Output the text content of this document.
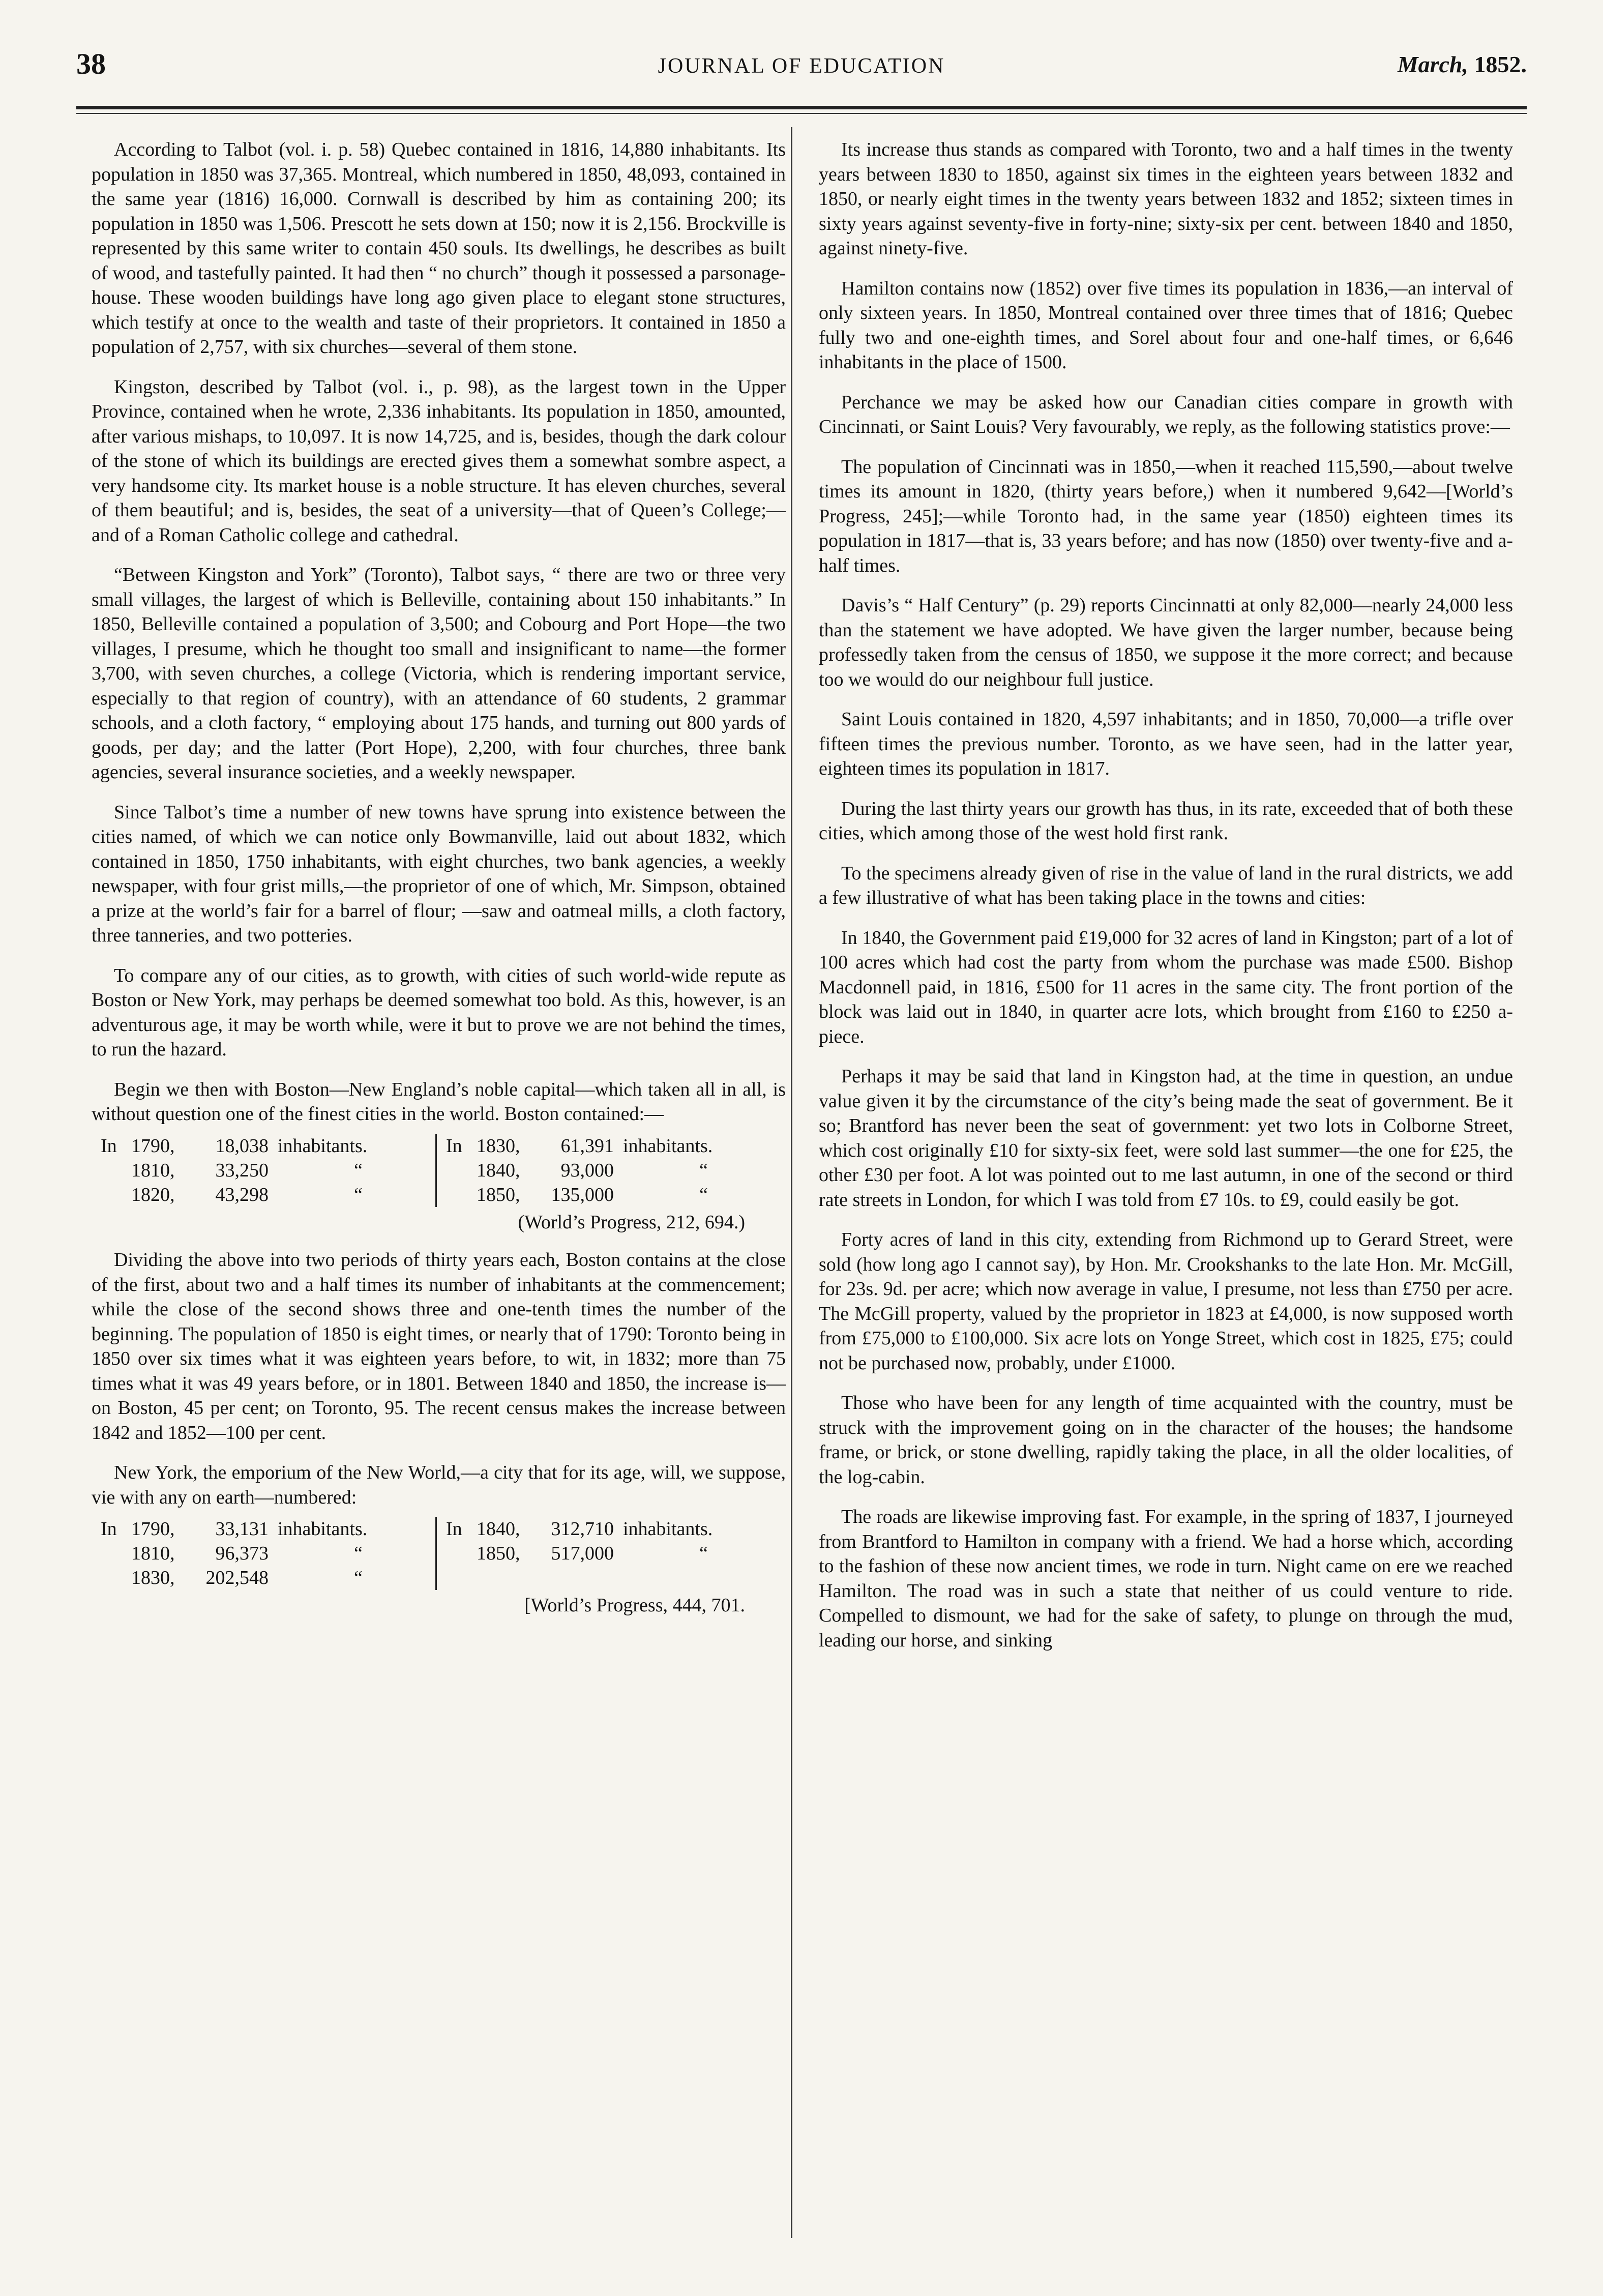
38	JOURNAL OF EDUCATION	March, 1852.

According to Talbot (vol. i. p. 58) Quebec contained in 1816, 14,880 inhabitants. Its population in 1850 was 37,365. Montreal, which numbered in 1850, 48,093, contained in the same year (1816) 16,000. Cornwall is described by him as containing 200; its population in 1850 was 1,506. Prescott he sets down at 150; now it is 2,156. Brockville is represented by this same writer to contain 450 souls. Its dwellings, he describes as built of wood, and tastefully painted. It had then “ no church” though it possessed a parsonage-house. These wooden buildings have long ago given place to elegant stone structures, which testify at once to the wealth and taste of their proprietors. It contained in 1850 a population of 2,757, with six churches—several of them stone.

Kingston, described by Talbot (vol. i., p. 98), as the largest town in the Upper Province, contained when he wrote, 2,336 inhabitants. Its population in 1850, amounted, after various mishaps, to 10,097. It is now 14,725, and is, besides, though the dark colour of the stone of which its buildings are erected gives them a somewhat sombre aspect, a very handsome city. Its market house is a noble structure. It has eleven churches, several of them beautiful; and is, besides, the seat of a university—that of Queen’s College;—and of a Roman Catholic college and cathedral.

“Between Kingston and York” (Toronto), Talbot says, “ there are two or three very small villages, the largest of which is Belleville, containing about 150 inhabitants.” In 1850, Belleville contained a population of 3,500; and Cobourg and Port Hope—the two villages, I presume, which he thought too small and insignificant to name—the former 3,700, with seven churches, a college (Victoria, which is rendering important service, especially to that region of country), with an attendance of 60 students, 2 grammar schools, and a cloth factory, “ employing about 175 hands, and turning out 800 yards of goods, per day; and the latter (Port Hope), 2,200, with four churches, three bank agencies, several insurance societies, and a weekly newspaper.

Since Talbot’s time a number of new towns have sprung into existence between the cities named, of which we can notice only Bowmanville, laid out about 1832, which contained in 1850, 1750 inhabitants, with eight churches, two bank agencies, a weekly newspaper, with four grist mills,—the proprietor of one of which, Mr. Simpson, obtained a prize at the world’s fair for a barrel of flour; —saw and oatmeal mills, a cloth factory, three tanneries, and two potteries.

To compare any of our cities, as to growth, with cities of such world-wide repute as Boston or New York, may perhaps be deemed somewhat too bold. As this, however, is an adventurous age, it may be worth while, were it but to prove we are not behind the times, to run the hazard.

Begin we then with Boston—New England’s noble capital—which taken all in all, is without question one of the finest cities in the world. Boston contained:—

In 1790,	18,038 inhabitants.
1810,	33,250	“
1820,	43,298	“
In 1830,	61,391 inhabitants.
1840,	93,000	“
1850,	135,000	“
(World’s Progress, 212, 694.)

Dividing the above into two periods of thirty years each, Boston contains at the close of the first, about two and a half times its number of inhabitants at the commencement; while the close of the second shows three and one-tenth times the number of the beginning. The population of 1850 is eight times, or nearly that of 1790: Toronto being in 1850 over six times what it was eighteen years before, to wit, in 1832; more than 75 times what it was 49 years before, or in 1801. Between 1840 and 1850, the increase is—on Boston, 45 per cent; on Toronto, 95. The recent census makes the increase between 1842 and 1852—100 per cent.

New York, the emporium of the New World,—a city that for its age, will, we suppose, vie with any on earth—numbered:

In 1790,	33,131 inhabitants.
1810,	96,373	“
1830,	202,548	“
In 1840,	312,710 inhabitants.
1850,	517,000	“
[World’s Progress, 444, 701.

Its increase thus stands as compared with Toronto, two and a half times in the twenty years between 1830 to 1850, against six times in the eighteen years between 1832 and 1850, or nearly eight times in the twenty years between 1832 and 1852; sixteen times in sixty years against seventy-five in forty-nine; sixty-six per cent. between 1840 and 1850, against ninety-five.

Hamilton contains now (1852) over five times its population in 1836,—an interval of only sixteen years. In 1850, Montreal contained over three times that of 1816; Quebec fully two and one-eighth times, and Sorel about four and one-half times, or 6,646 inhabitants in the place of 1500.

Perchance we may be asked how our Canadian cities compare in growth with Cincinnati, or Saint Louis? Very favourably, we reply, as the following statistics prove:—

The population of Cincinnati was in 1850,—when it reached 115,590,—about twelve times its amount in 1820, (thirty years before,) when it numbered 9,642—[World’s Progress, 245];—while Toronto had, in the same year (1850) eighteen times its population in 1817—that is, 33 years before; and has now (1850) over twenty-five and a-half times.

Davis’s “ Half Century” (p. 29) reports Cincinnatti at only 82,000—nearly 24,000 less than the statement we have adopted. We have given the larger number, because being professedly taken from the census of 1850, we suppose it the more correct; and because too we would do our neighbour full justice.

Saint Louis contained in 1820, 4,597 inhabitants; and in 1850, 70,000—a trifle over fifteen times the previous number. Toronto, as we have seen, had in the latter year, eighteen times its population in 1817.

During the last thirty years our growth has thus, in its rate, exceeded that of both these cities, which among those of the west hold first rank.

To the specimens already given of rise in the value of land in the rural districts, we add a few illustrative of what has been taking place in the towns and cities:

In 1840, the Government paid £19,000 for 32 acres of land in Kingston; part of a lot of 100 acres which had cost the party from whom the purchase was made £500. Bishop Macdonnell paid, in 1816, £500 for 11 acres in the same city. The front portion of the block was laid out in 1840, in quarter acre lots, which brought from £160 to £250 a-piece.

Perhaps it may be said that land in Kingston had, at the time in question, an undue value given it by the circumstance of the city’s being made the seat of government. Be it so; Brantford has never been the seat of government: yet two lots in Colborne Street, which cost originally £10 for sixty-six feet, were sold last summer—the one for £25, the other £30 per foot. A lot was pointed out to me last autumn, in one of the second or third rate streets in London, for which I was told from £7 10s. to £9, could easily be got.

Forty acres of land in this city, extending from Richmond up to Gerard Street, were sold (how long ago I cannot say), by Hon. Mr. Crookshanks to the late Hon. Mr. McGill, for 23s. 9d. per acre; which now average in value, I presume, not less than £750 per acre. The McGill property, valued by the proprietor in 1823 at £4,000, is now supposed worth from £75,000 to £100,000. Six acre lots on Yonge Street, which cost in 1825, £75; could not be purchased now, probably, under £1000.

Those who have been for any length of time acquainted with the country, must be struck with the improvement going on in the character of the houses; the handsome frame, or brick, or stone dwelling, rapidly taking the place, in all the older localities, of the log-cabin.

The roads are likewise improving fast. For example, in the spring of 1837, I journeyed from Brantford to Hamilton in company with a friend. We had a horse which, according to the fashion of these now ancient times, we rode in turn. Night came on ere we reached Hamilton. The road was in such a state that neither of us could venture to ride. Compelled to dismount, we had for the sake of safety, to plunge on through the mud, leading our horse, and sinking
